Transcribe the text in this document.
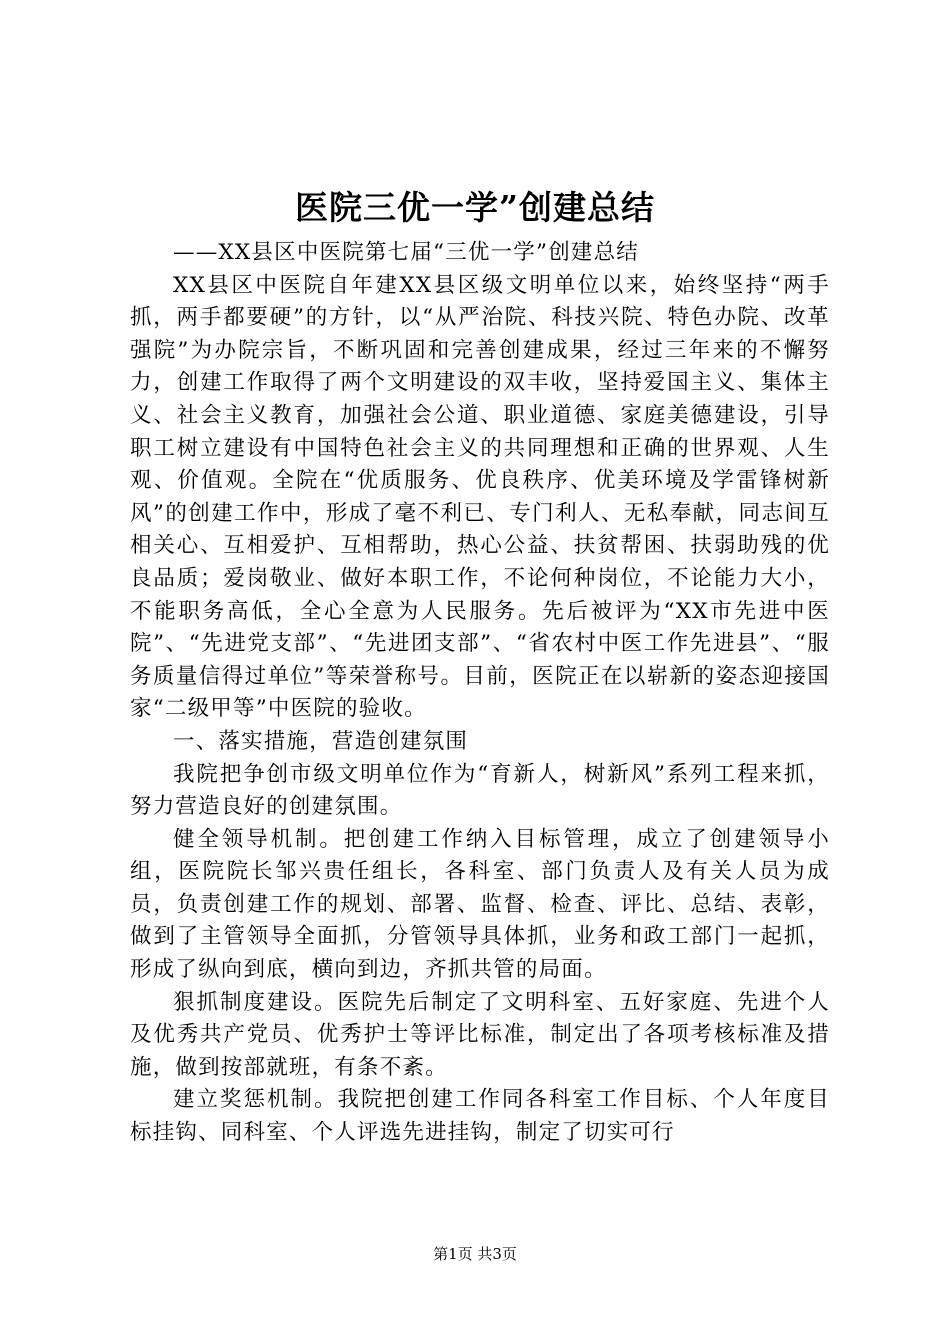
医院三优一学”创建总结

——XX县区中医院第七届“三优一学”创建总结

XX县区中医院自年建XX县区级文明单位以来，始终坚持“两手抓，两手都要硬”的方针，以“从严治院、科技兴院、特色办院、改革强院”为办院宗旨，不断巩固和完善创建成果，经过三年来的不懈努力，创建工作取得了两个文明建设的双丰收，坚持爱国主义、集体主义、社会主义教育，加强社会公道、职业道德、家庭美德建设，引导职工树立建设有中国特色社会主义的共同理想和正确的世界观、人生观、价值观。全院在“优质服务、优良秩序、优美环境及学雷锋树新风”的创建工作中，形成了毫不利已、专门利人、无私奉献，同志间互相关心、互相爱护、互相帮助，热心公益、扶贫帮困、扶弱助残的优良品质；爱岗敬业、做好本职工作，不论何种岗位，不论能力大小，不能职务高低，全心全意为人民服务。先后被评为“XX市先进中医院”、“先进党支部”、“先进团支部”、“省农村中医工作先进县”、“服务质量信得过单位”等荣誉称号。目前，医院正在以崭新的姿态迎接国家“二级甲等”中医院的验收。

一、落实措施，营造创建氛围

我院把争创市级文明单位作为“育新人，树新风”系列工程来抓，努力营造良好的创建氛围。

健全领导机制。把创建工作纳入目标管理，成立了创建领导小组，医院院长邹兴贵任组长，各科室、部门负责人及有关人员为成员，负责创建工作的规划、部署、监督、检查、评比、总结、表彰，做到了主管领导全面抓，分管领导具体抓，业务和政工部门一起抓，形成了纵向到底，横向到边，齐抓共管的局面。

狠抓制度建设。医院先后制定了文明科室、五好家庭、先进个人及优秀共产党员、优秀护士等评比标准，制定出了各项考核标准及措施，做到按部就班，有条不紊。

建立奖惩机制。我院把创建工作同各科室工作目标、个人年度目标挂钩、同科室、个人评选先进挂钩，制定了切实可行

第1页 共3页
